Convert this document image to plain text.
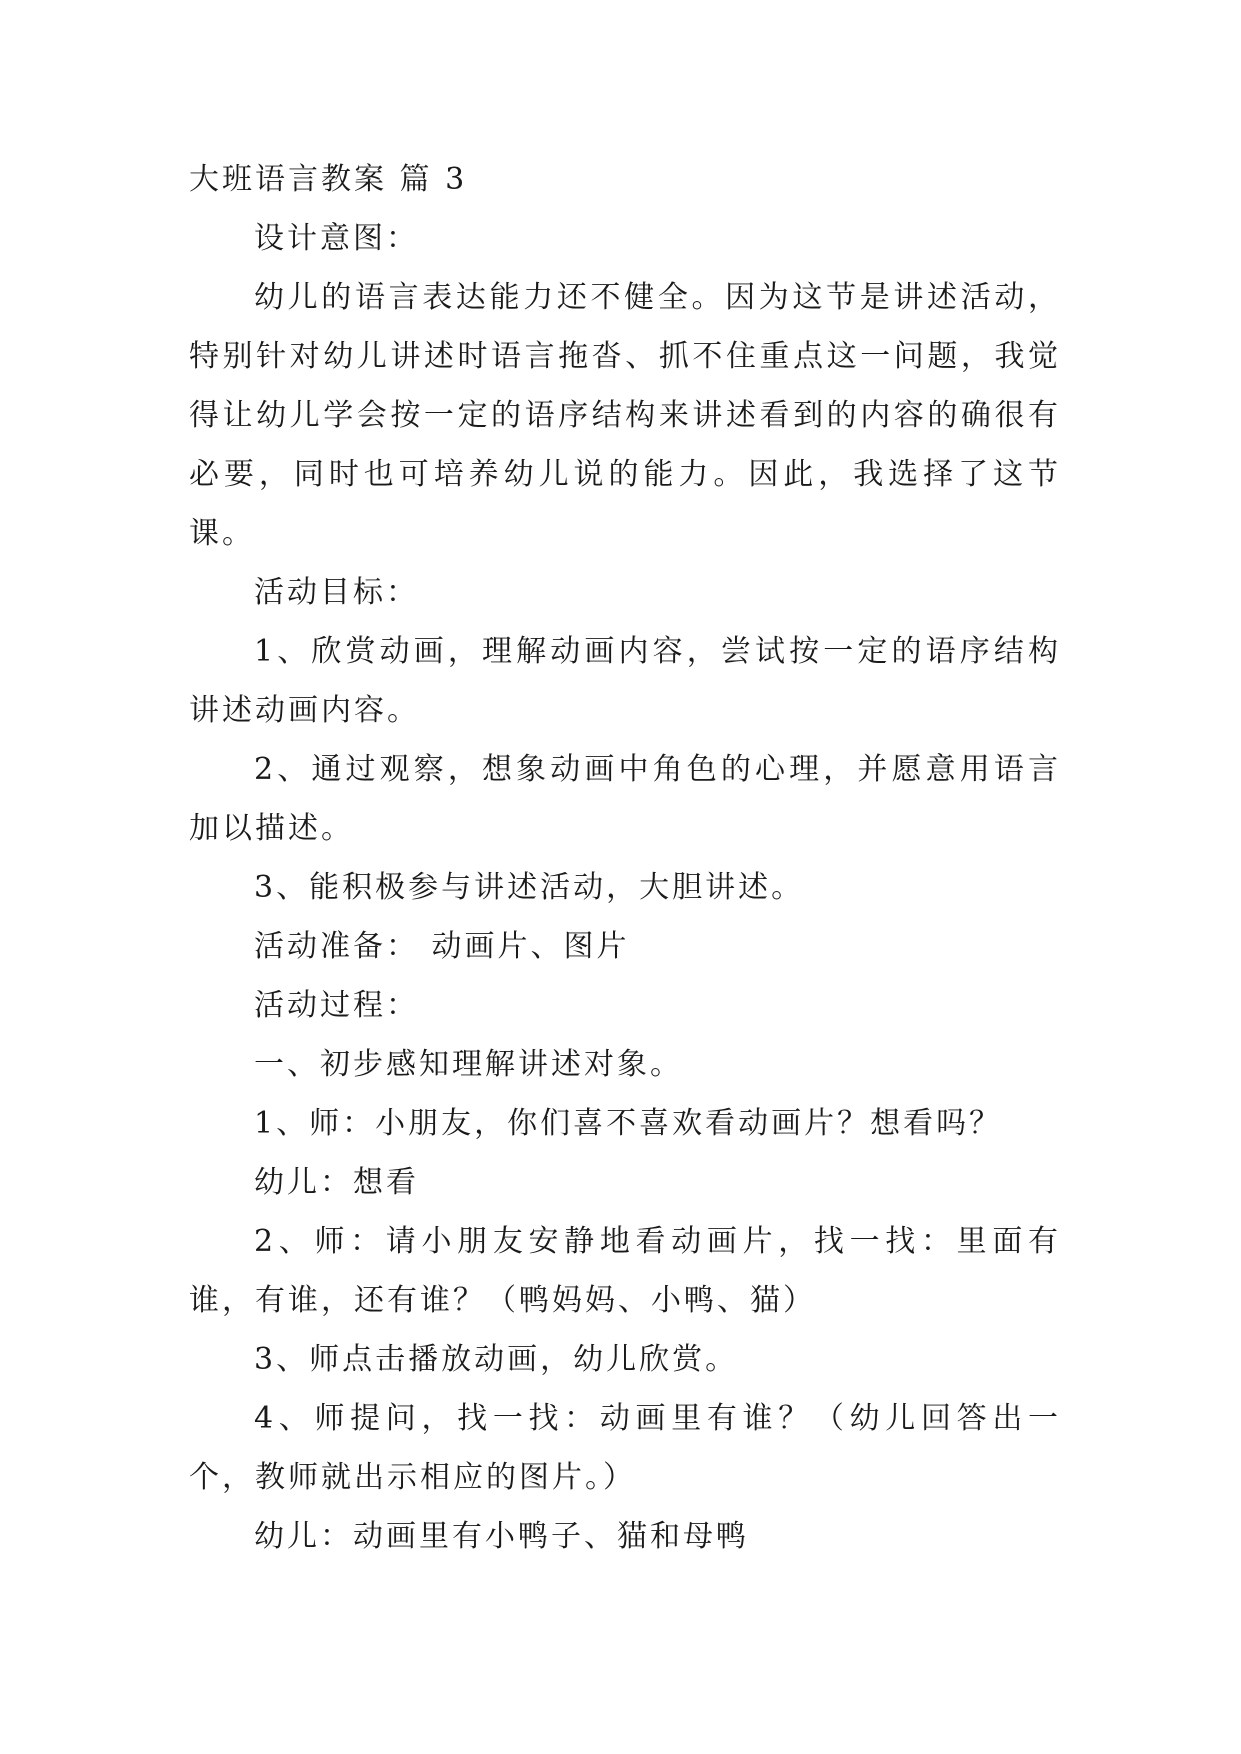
大班语言教案 篇 3

设计意图：

幼儿的语言表达能力还不健全。因为这节是讲述活动，特别针对幼儿讲述时语言拖沓、抓不住重点这一问题，我觉得让幼儿学会按一定的语序结构来讲述看到的内容的确很有必要，同时也可培养幼儿说的能力。因此，我选择了这节课。

活动目标：

1、欣赏动画，理解动画内容，尝试按一定的语序结构讲述动画内容。

2、通过观察，想象动画中角色的心理，并愿意用语言加以描述。

3、能积极参与讲述活动，大胆讲述。

活动准备： 动画片、图片

活动过程：

一、初步感知理解讲述对象。

1、师：小朋友，你们喜不喜欢看动画片？想看吗？

幼儿：想看

2、师：请小朋友安静地看动画片，找一找：里面有谁，有谁，还有谁？（鸭妈妈、小鸭、猫）

3、师点击播放动画，幼儿欣赏。

4、师提问，找一找：动画里有谁？（幼儿回答出一个，教师就出示相应的图片。）

幼儿：动画里有小鸭子、猫和母鸭
